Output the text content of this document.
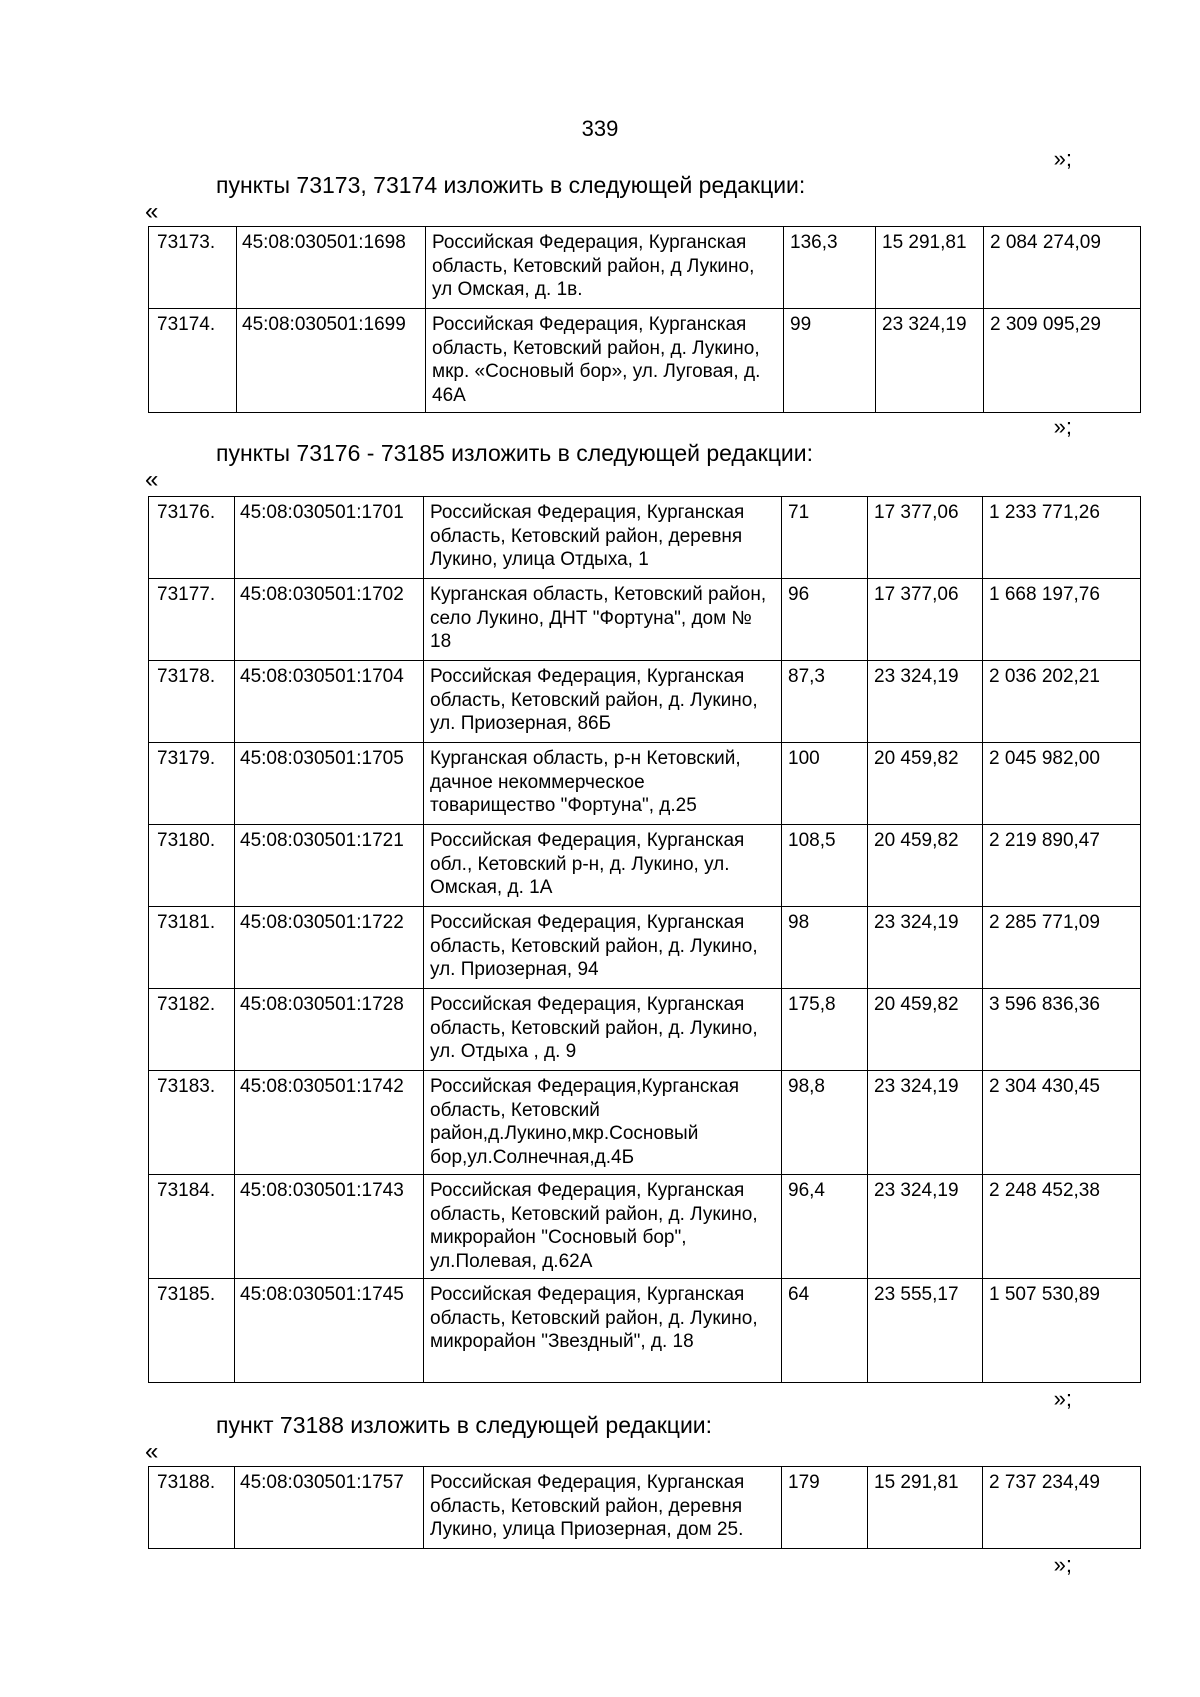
339
»;
пункты 73173, 73174 изложить в следующей редакции:
«
73173.	45:08:030501:1698	Российская Федерация, Курганская область, Кетовский район, д Лукино, ул Омская, д. 1в.	136,3	15 291,81	2 084 274,09
73174.	45:08:030501:1699	Российская Федерация, Курганская область, Кетовский район, д. Лукино, мкр. «Сосновый бор», ул. Луговая, д. 46А	99	23 324,19	2 309 095,29
»;
пункты 73176 - 73185 изложить в следующей редакции:
«
73176.	45:08:030501:1701	Российская Федерация, Курганская область, Кетовский район, деревня Лукино, улица Отдыха, 1	71	17 377,06	1 233 771,26
73177.	45:08:030501:1702	Курганская область, Кетовский район, село Лукино, ДНТ "Фортуна", дом № 18	96	17 377,06	1 668 197,76
73178.	45:08:030501:1704	Российская Федерация, Курганская область, Кетовский район, д. Лукино, ул. Приозерная, 86Б	87,3	23 324,19	2 036 202,21
73179.	45:08:030501:1705	Курганская область, р-н Кетовский, дачное некоммерческое товарищество "Фортуна", д.25	100	20 459,82	2 045 982,00
73180.	45:08:030501:1721	Российская Федерация, Курганская обл., Кетовский р-н, д. Лукино, ул. Омская, д. 1А	108,5	20 459,82	2 219 890,47
73181.	45:08:030501:1722	Российская Федерация, Курганская область, Кетовский район, д. Лукино, ул. Приозерная, 94	98	23 324,19	2 285 771,09
73182.	45:08:030501:1728	Российская Федерация, Курганская область, Кетовский район, д. Лукино, ул. Отдыха , д. 9	175,8	20 459,82	3 596 836,36
73183.	45:08:030501:1742	Российская Федерация,Курганская область, Кетовский район,д.Лукино,мкр.Сосновый бор,ул.Солнечная,д.4Б	98,8	23 324,19	2 304 430,45
73184.	45:08:030501:1743	Российская Федерация, Курганская область, Кетовский район, д. Лукино, микрорайон "Сосновый бор", ул.Полевая, д.62А	96,4	23 324,19	2 248 452,38
73185.	45:08:030501:1745	Российская Федерация, Курганская область, Кетовский район, д. Лукино, микрорайон "Звездный", д. 18	64	23 555,17	1 507 530,89
»;
пункт 73188 изложить в следующей редакции:
«
73188.	45:08:030501:1757	Российская Федерация, Курганская область, Кетовский район, деревня Лукино, улица Приозерная, дом 25.	179	15 291,81	2 737 234,49
»;
